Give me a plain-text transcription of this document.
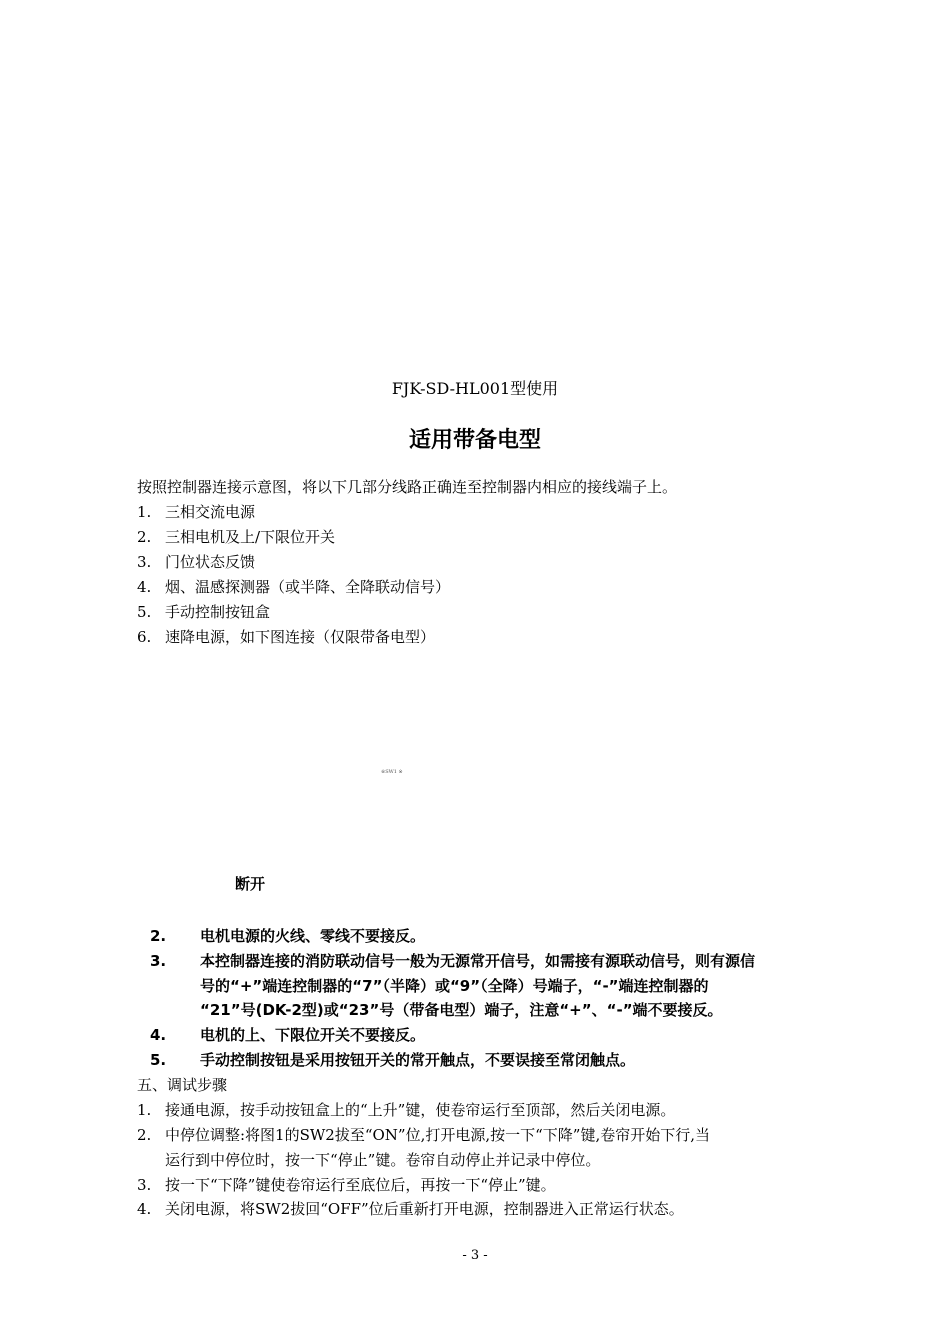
FJK-SD-HL001型使用
适用带备电型
按照控制器连接示意图，将以下几部分线路正确连至控制器内相应的接线端子上。
1. 三相交流电源
2. 三相电机及上/下限位开关
3. 门位状态反馈
4. 烟、温感探测器（或半降、全降联动信号）
5. 手动控制按钮盒
6. 速降电源，如下图连接（仅限带备电型）
※SW1 ※
断开
2. 电机电源的火线、零线不要接反。
3. 本控制器连接的消防联动信号一般为无源常开信号，如需接有源联动信号，则有源信
号的“+”端连控制器的“7”（半降）或“9”（全降）号端子，“-”端连控制器的
“21”号(DK-2型)或“23”号（带备电型）端子，注意“+”、“-”端不要接反。
4. 电机的上、下限位开关不要接反。
5. 手动控制按钮是采用按钮开关的常开触点，不要误接至常闭触点。
五、调试步骤
1. 接通电源，按手动按钮盒上的“上升”键，使卷帘运行至顶部，然后关闭电源。
2. 中停位调整:将图1的SW2拔至“ON”位,打开电源,按一下“下降”键,卷帘开始下行,当
运行到中停位时，按一下“停止”键。卷帘自动停止并记录中停位。
3. 按一下“下降”键使卷帘运行至底位后，再按一下“停止”键。
4. 关闭电源，将SW2拔回“OFF”位后重新打开电源，控制器进入正常运行状态。
- 3 -
